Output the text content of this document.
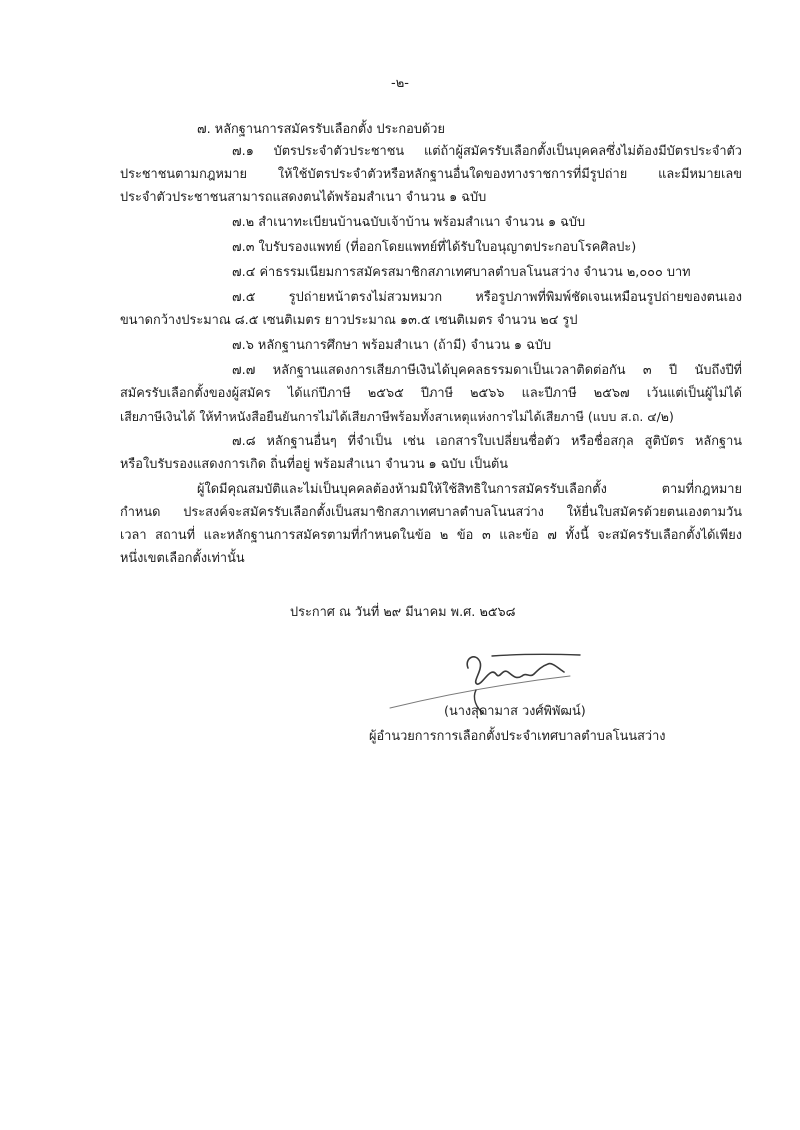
-๒-
๗. หลักฐานการสมัครรับเลือกตั้ง ประกอบด้วย
๗.๑ บัตรประจำตัวประชาชน แต่ถ้าผู้สมัครรับเลือกตั้งเป็นบุคคลซึ่งไม่ต้องมีบัตรประจำตัว
ประชาชนตามกฎหมาย ให้ใช้บัตรประจำตัวหรือหลักฐานอื่นใดของทางราชการที่มีรูปถ่าย และมีหมายเลข
ประจำตัวประชาชนสามารถแสดงตนได้พร้อมสำเนา จำนวน ๑ ฉบับ
๗.๒ สำเนาทะเบียนบ้านฉบับเจ้าบ้าน พร้อมสำเนา จำนวน ๑ ฉบับ
๗.๓ ใบรับรองแพทย์ (ที่ออกโดยแพทย์ที่ได้รับใบอนุญาตประกอบโรคศิลปะ)
๗.๔ ค่าธรรมเนียมการสมัครสมาชิกสภาเทศบาลตำบลโนนสว่าง จำนวน ๒,๐๐๐ บาท
๗.๕ รูปถ่ายหน้าตรงไม่สวมหมวก หรือรูปภาพที่พิมพ์ชัดเจนเหมือนรูปถ่ายของตนเอง
ขนาดกว้างประมาณ ๘.๕ เซนติเมตร ยาวประมาณ ๑๓.๕ เซนติเมตร จำนวน ๒๔ รูป
๗.๖ หลักฐานการศึกษา พร้อมสำเนา (ถ้ามี) จำนวน ๑ ฉบับ
๗.๗ หลักฐานแสดงการเสียภาษีเงินได้บุคคลธรรมดาเป็นเวลาติดต่อกัน ๓ ปี นับถึงปีที่
สมัครรับเลือกตั้งของผู้สมัคร ได้แก่ปีภาษี ๒๕๖๕ ปีภาษี ๒๕๖๖ และปีภาษี ๒๕๖๗ เว้นแต่เป็นผู้ไม่ได้
เสียภาษีเงินได้ ให้ทำหนังสือยืนยันการไม่ได้เสียภาษีพร้อมทั้งสาเหตุแห่งการไม่ได้เสียภาษี (แบบ ส.ถ. ๔/๒)
๗.๘ หลักฐานอื่นๆ ที่จำเป็น เช่น เอกสารใบเปลี่ยนชื่อตัว หรือชื่อสกุล สูติบัตร หลักฐาน
หรือใบรับรองแสดงการเกิด ถิ่นที่อยู่ พร้อมสำเนา จำนวน ๑ ฉบับ เป็นต้น
ผู้ใดมีคุณสมบัติและไม่เป็นบุคคลต้องห้ามมิให้ใช้สิทธิในการสมัครรับเลือกตั้ง ตามที่กฎหมาย
กำหนด ประสงค์จะสมัครรับเลือกตั้งเป็นสมาชิกสภาเทศบาลตำบลโนนสว่าง ให้ยื่นใบสมัครด้วยตนเองตามวัน
เวลา สถานที่ และหลักฐานการสมัครตามที่กำหนดในข้อ ๒ ข้อ ๓ และข้อ ๗ ทั้งนี้ จะสมัครรับเลือกตั้งได้เพียง
หนึ่งเขตเลือกตั้งเท่านั้น
ประกาศ ณ วันที่ ๒๙ มีนาคม พ.ศ. ๒๕๖๘
(นางสุดามาส วงศ์พิพัฒน์)
ผู้อำนวยการการเลือกตั้งประจำเทศบาลตำบลโนนสว่าง
